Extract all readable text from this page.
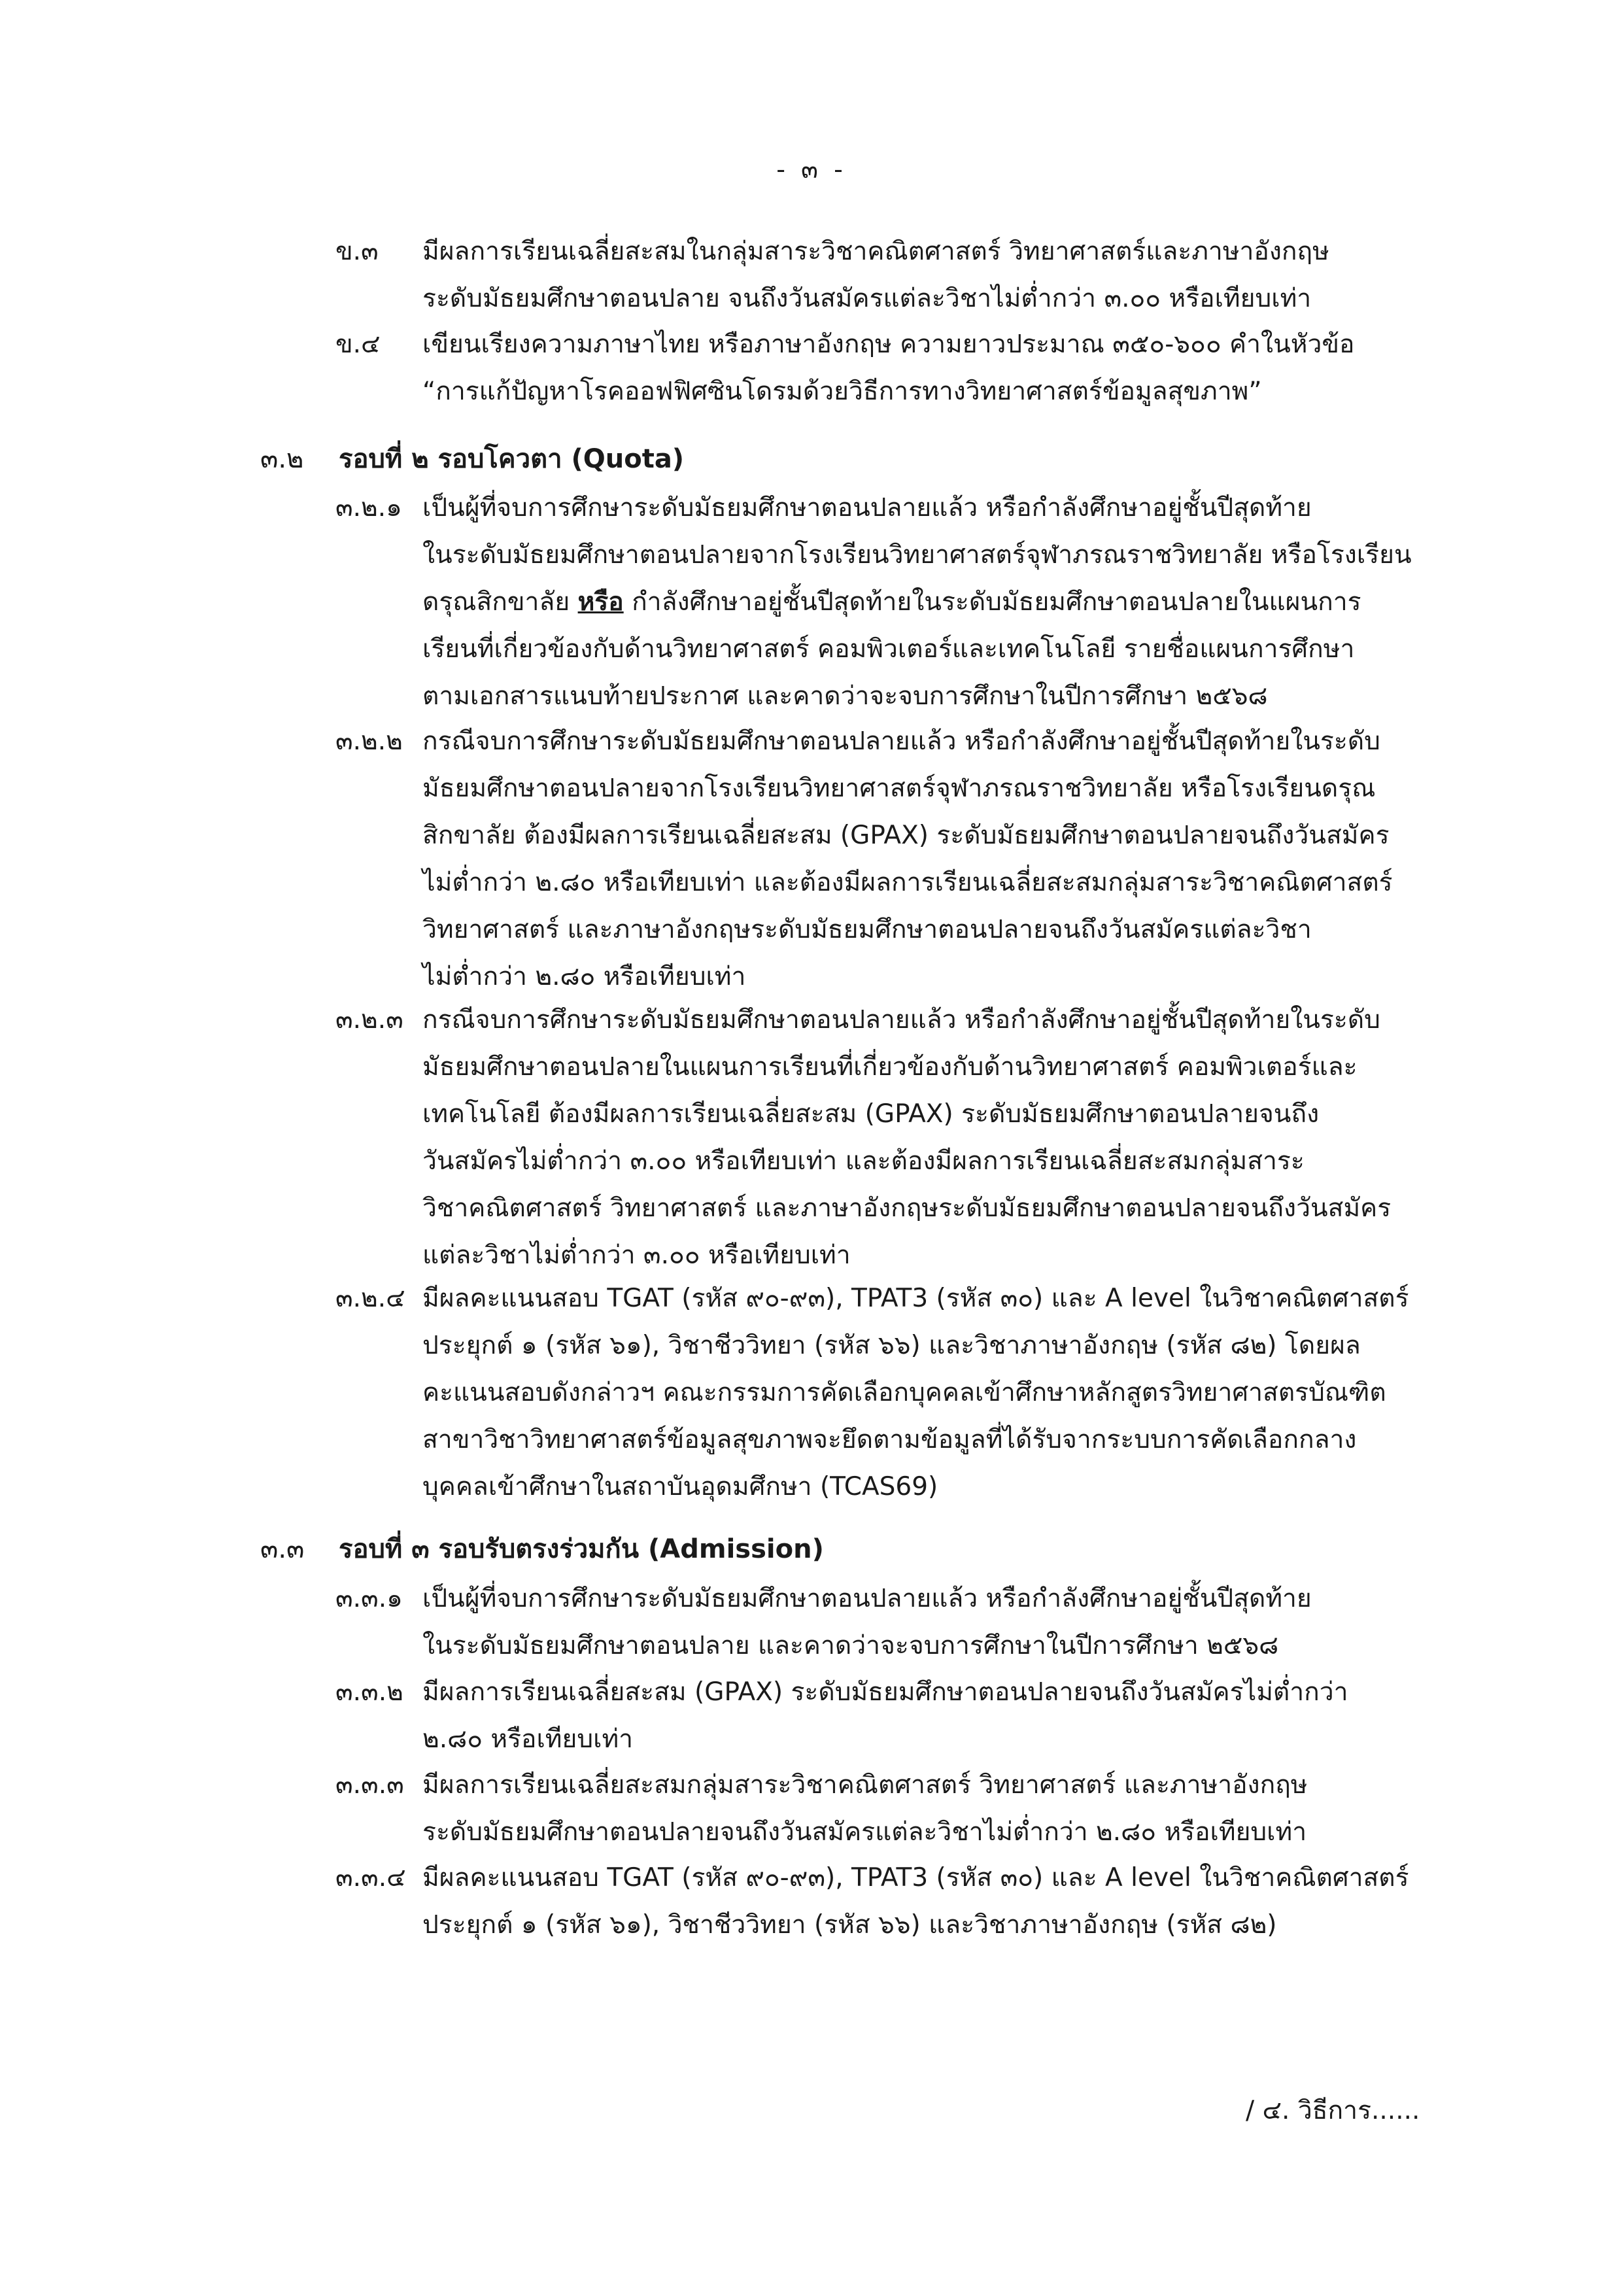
- ๓ -
ข.๓ มีผลการเรียนเฉลี่ยสะสมในกลุ่มสาระวิชาคณิตศาสตร์ วิทยาศาสตร์และภาษาอังกฤษ
ระดับมัธยมศึกษาตอนปลาย จนถึงวันสมัครแต่ละวิชาไม่ต่ำกว่า ๓.๐๐ หรือเทียบเท่า
ข.๔ เขียนเรียงความภาษาไทย หรือภาษาอังกฤษ ความยาวประมาณ ๓๕๐-๖๐๐ คำในหัวข้อ
“การแก้ปัญหาโรคออฟฟิศซินโดรมด้วยวิธีการทางวิทยาศาสตร์ข้อมูลสุขภาพ”
๓.๒ รอบที่ ๒ รอบโควตา (Quota)
๓.๒.๑ เป็นผู้ที่จบการศึกษาระดับมัธยมศึกษาตอนปลายแล้ว หรือกำลังศึกษาอยู่ชั้นปีสุดท้าย
ในระดับมัธยมศึกษาตอนปลายจากโรงเรียนวิทยาศาสตร์จุฬาภรณราชวิทยาลัย หรือโรงเรียน
ดรุณสิกขาลัย หรือ กำลังศึกษาอยู่ชั้นปีสุดท้ายในระดับมัธยมศึกษาตอนปลายในแผนการ
เรียนที่เกี่ยวข้องกับด้านวิทยาศาสตร์ คอมพิวเตอร์และเทคโนโลยี รายชื่อแผนการศึกษา
ตามเอกสารแนบท้ายประกาศ และคาดว่าจะจบการศึกษาในปีการศึกษา ๒๕๖๘
๓.๒.๒ กรณีจบการศึกษาระดับมัธยมศึกษาตอนปลายแล้ว หรือกำลังศึกษาอยู่ชั้นปีสุดท้ายในระดับ
มัธยมศึกษาตอนปลายจากโรงเรียนวิทยาศาสตร์จุฬาภรณราชวิทยาลัย หรือโรงเรียนดรุณ
สิกขาลัย ต้องมีผลการเรียนเฉลี่ยสะสม (GPAX) ระดับมัธยมศึกษาตอนปลายจนถึงวันสมัคร
ไม่ต่ำกว่า ๒.๘๐ หรือเทียบเท่า และต้องมีผลการเรียนเฉลี่ยสะสมกลุ่มสาระวิชาคณิตศาสตร์
วิทยาศาสตร์ และภาษาอังกฤษระดับมัธยมศึกษาตอนปลายจนถึงวันสมัครแต่ละวิชา
ไม่ต่ำกว่า ๒.๘๐ หรือเทียบเท่า
๓.๒.๓ กรณีจบการศึกษาระดับมัธยมศึกษาตอนปลายแล้ว หรือกำลังศึกษาอยู่ชั้นปีสุดท้ายในระดับ
มัธยมศึกษาตอนปลายในแผนการเรียนที่เกี่ยวข้องกับด้านวิทยาศาสตร์ คอมพิวเตอร์และ
เทคโนโลยี ต้องมีผลการเรียนเฉลี่ยสะสม (GPAX) ระดับมัธยมศึกษาตอนปลายจนถึง
วันสมัครไม่ต่ำกว่า ๓.๐๐ หรือเทียบเท่า และต้องมีผลการเรียนเฉลี่ยสะสมกลุ่มสาระ
วิชาคณิตศาสตร์ วิทยาศาสตร์ และภาษาอังกฤษระดับมัธยมศึกษาตอนปลายจนถึงวันสมัคร
แต่ละวิชาไม่ต่ำกว่า ๓.๐๐ หรือเทียบเท่า
๓.๒.๔ มีผลคะแนนสอบ TGAT (รหัส ๙๐-๙๓), TPAT3 (รหัส ๓๐) และ A level ในวิชาคณิตศาสตร์
ประยุกต์ ๑ (รหัส ๖๑), วิชาชีววิทยา (รหัส ๖๖) และวิชาภาษาอังกฤษ (รหัส ๘๒) โดยผล
คะแนนสอบดังกล่าวฯ คณะกรรมการคัดเลือกบุคคลเข้าศึกษาหลักสูตรวิทยาศาสตรบัณฑิต
สาขาวิชาวิทยาศาสตร์ข้อมูลสุขภาพจะยึดตามข้อมูลที่ได้รับจากระบบการคัดเลือกกลาง
บุคคลเข้าศึกษาในสถาบันอุดมศึกษา (TCAS69)
๓.๓ รอบที่ ๓ รอบรับตรงร่วมกัน (Admission)
๓.๓.๑ เป็นผู้ที่จบการศึกษาระดับมัธยมศึกษาตอนปลายแล้ว หรือกำลังศึกษาอยู่ชั้นปีสุดท้าย
ในระดับมัธยมศึกษาตอนปลาย และคาดว่าจะจบการศึกษาในปีการศึกษา ๒๕๖๘
๓.๓.๒ มีผลการเรียนเฉลี่ยสะสม (GPAX) ระดับมัธยมศึกษาตอนปลายจนถึงวันสมัครไม่ต่ำกว่า
๒.๘๐ หรือเทียบเท่า
๓.๓.๓ มีผลการเรียนเฉลี่ยสะสมกลุ่มสาระวิชาคณิตศาสตร์ วิทยาศาสตร์ และภาษาอังกฤษ
ระดับมัธยมศึกษาตอนปลายจนถึงวันสมัครแต่ละวิชาไม่ต่ำกว่า ๒.๘๐ หรือเทียบเท่า
๓.๓.๔ มีผลคะแนนสอบ TGAT (รหัส ๙๐-๙๓), TPAT3 (รหัส ๓๐) และ A level ในวิชาคณิตศาสตร์
ประยุกต์ ๑ (รหัส ๖๑), วิชาชีววิทยา (รหัส ๖๖) และวิชาภาษาอังกฤษ (รหัส ๘๒)
/ ๔. วิธีการ......
